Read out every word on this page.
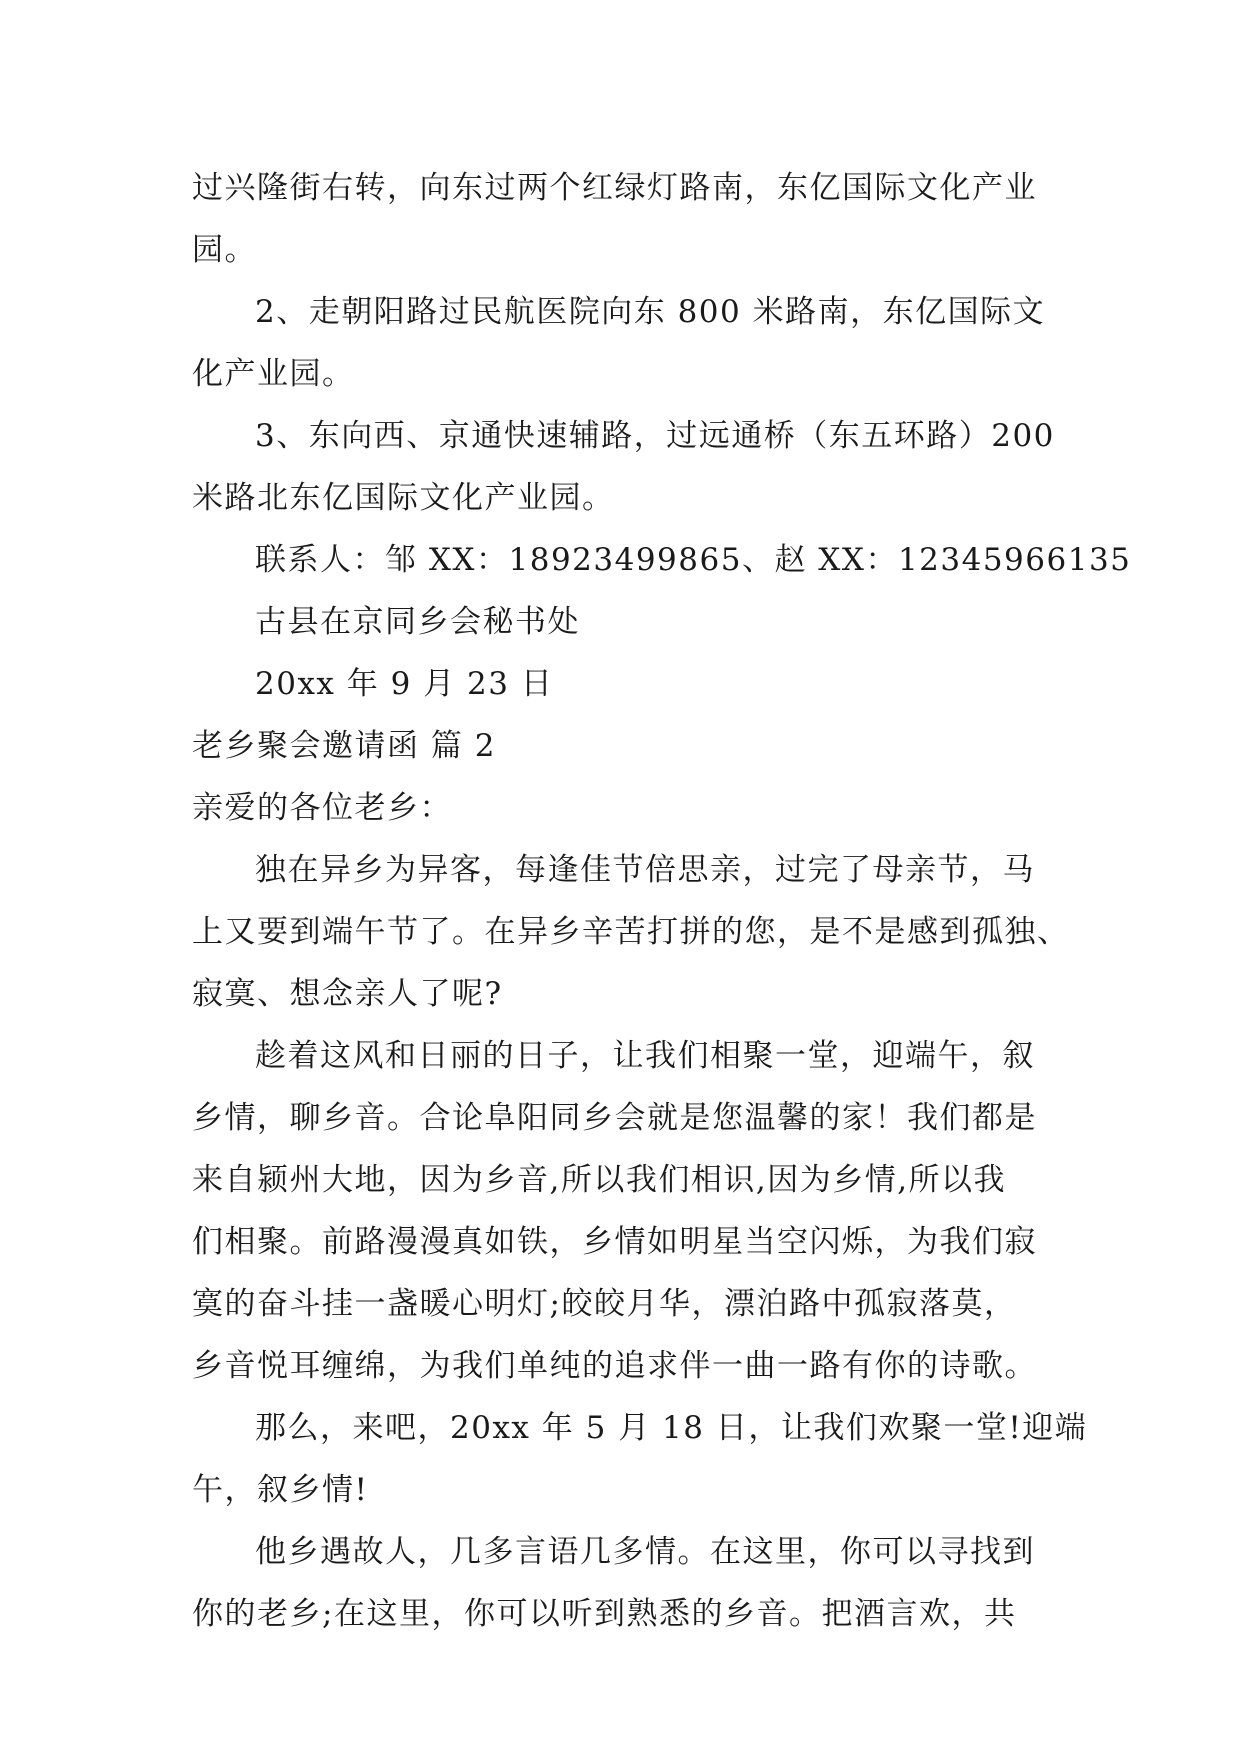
过兴隆街右转，向东过两个红绿灯路南，东亿国际文化产业
园。
2、走朝阳路过民航医院向东 800 米路南，东亿国际文
化产业园。
3、东向西、京通快速辅路，过远通桥（东五环路）200
米路北东亿国际文化产业园。
联系人：邹 XX：18923499865、赵 XX：12345966135
古县在京同乡会秘书处
20xx 年 9 月 23 日
老乡聚会邀请函 篇 2
亲爱的各位老乡：
独在异乡为异客，每逢佳节倍思亲，过完了母亲节，马
上又要到端午节了。在异乡辛苦打拼的您，是不是感到孤独、
寂寞、想念亲人了呢?
趁着这风和日丽的日子，让我们相聚一堂，迎端午，叙
乡情，聊乡音。合论阜阳同乡会就是您温馨的家！我们都是
来自颍州大地，因为乡音,所以我们相识,因为乡情,所以我
们相聚。前路漫漫真如铁，乡情如明星当空闪烁，为我们寂
寞的奋斗挂一盏暖心明灯;皎皎月华，漂泊路中孤寂落莫，
乡音悦耳缠绵，为我们单纯的追求伴一曲一路有你的诗歌。
那么，来吧，20xx 年 5 月 18 日，让我们欢聚一堂!迎端
午，叙乡情!
他乡遇故人，几多言语几多情。在这里，你可以寻找到
你的老乡;在这里，你可以听到熟悉的乡音。把酒言欢，共
